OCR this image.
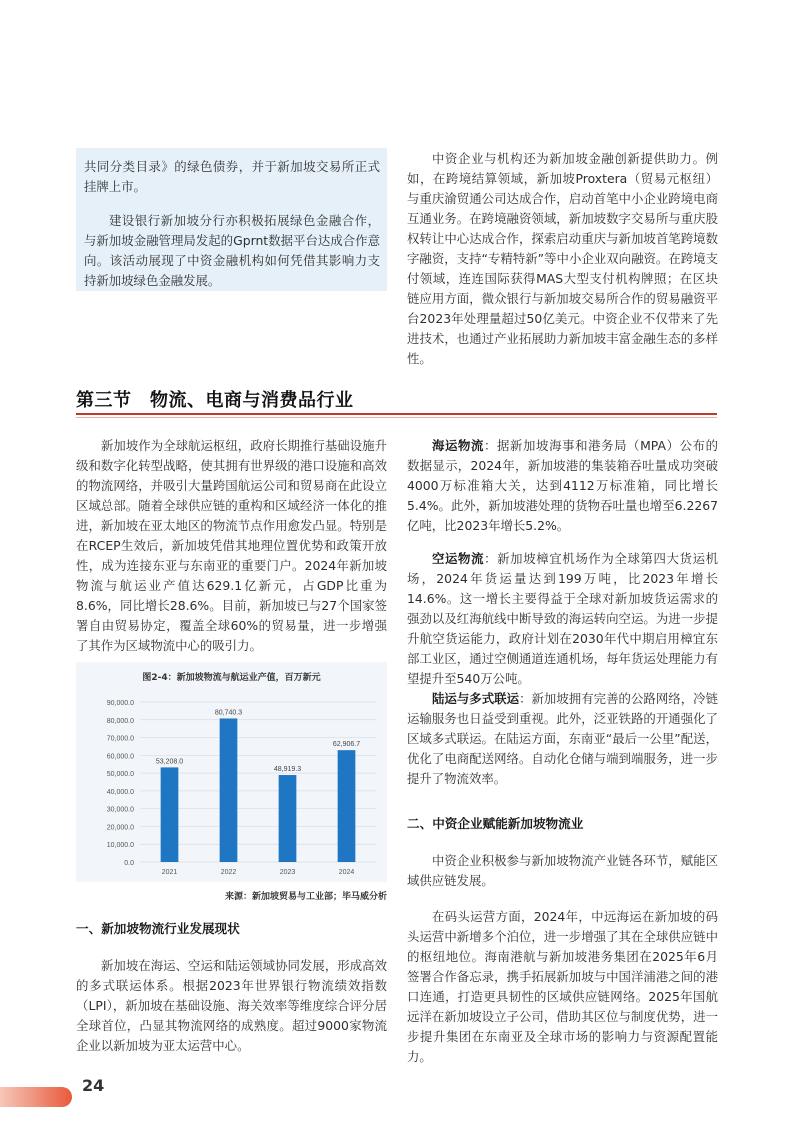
共同分类目录》的绿色债券，并于新加坡交易所正式挂牌上市。

建设银行新加坡分行亦积极拓展绿色金融合作，与新加坡金融管理局发起的Gprnt数据平台达成合作意向。该活动展现了中资金融机构如何凭借其影响力支持新加坡绿色金融发展。

中资企业与机构还为新加坡金融创新提供助力。例如，在跨境结算领域，新加坡Proxtera（贸易元枢纽）与重庆渝贸通公司达成合作，启动首笔中小企业跨境电商互通业务。在跨境融资领域，新加坡数字交易所与重庆股权转让中心达成合作，探索启动重庆与新加坡首笔跨境数字融资，支持“专精特新”等中小企业双向融资。在跨境支付领域，连连国际获得MAS大型支付机构牌照；在区块链应用方面，微众银行与新加坡交易所合作的贸易融资平台2023年处理量超过50亿美元。中资企业不仅带来了先进技术，也通过产业拓展助力新加坡丰富金融生态的多样性。

第三节　物流、电商与消费品行业

新加坡作为全球航运枢纽，政府长期推行基础设施升级和数字化转型战略，使其拥有世界级的港口设施和高效的物流网络，并吸引大量跨国航运公司和贸易商在此设立区域总部。随着全球供应链的重构和区域经济一体化的推进，新加坡在亚太地区的物流节点作用愈发凸显。特别是在RCEP生效后，新加坡凭借其地理位置优势和政策开放性，成为连接东亚与东南亚的重要门户。2024年新加坡物流与航运业产值达629.1亿新元，占GDP比重为8.6%，同比增长28.6%。目前，新加坡已与27个国家签署自由贸易协定，覆盖全球60%的贸易量，进一步增强了其作为区域物流中心的吸引力。

图2-4：新加坡物流与航运业产值，百万新元
0.0
10,000.0
20,000.0
30,000.0
40,000.0
50,000.0
60,000.0
70,000.0
80,000.0
90,000.0
53,208.0
2021
80,740.3
2022
48,919.3
2023
62,906.7
2024
来源：新加坡贸易与工业部；毕马威分析
一、新加坡物流行业发展现状

新加坡在海运、空运和陆运领域协同发展，形成高效的多式联运体系。根据2023年世界银行物流绩效指数（LPI），新加坡在基础设施、海关效率等维度综合评分居全球首位，凸显其物流网络的成熟度。超过9000家物流企业以新加坡为亚太运营中心。

海运物流：据新加坡海事和港务局（MPA）公布的数据显示，2024年，新加坡港的集装箱吞吐量成功突破4000万标准箱大关，达到4112万标准箱，同比增长5.4%。此外，新加坡港处理的货物吞吐量也增至6.2267亿吨，比2023年增长5.2%。

空运物流：新加坡樟宜机场作为全球第四大货运机场，2024年货运量达到199万吨，比2023年增长14.6%。这一增长主要得益于全球对新加坡货运需求的强劲以及红海航线中断导致的海运转向空运。为进一步提升航空货运能力，政府计划在2030年代中期启用樟宜东部工业区，通过空侧通道连通机场，每年货运处理能力有望提升至540万公吨。

陆运与多式联运：新加坡拥有完善的公路网络，冷链运输服务也日益受到重视。此外，泛亚铁路的开通强化了区域多式联运。在陆运方面，东南亚“最后一公里”配送，优化了电商配送网络。自动化仓储与端到端服务，进一步提升了物流效率。

二、中资企业赋能新加坡物流业

中资企业积极参与新加坡物流产业链各环节，赋能区域供应链发展。

在码头运营方面，2024年，中远海运在新加坡的码头运营中新增多个泊位，进一步增强了其在全球供应链中的枢纽地位。海南港航与新加坡港务集团在2025年6月签署合作备忘录，携手拓展新加坡与中国洋浦港之间的港口连通，打造更具韧性的区域供应链网络。2025年国航远洋在新加坡设立子公司，借助其区位与制度优势，进一步提升集团在东南亚及全球市场的影响力与资源配置能力。

24
